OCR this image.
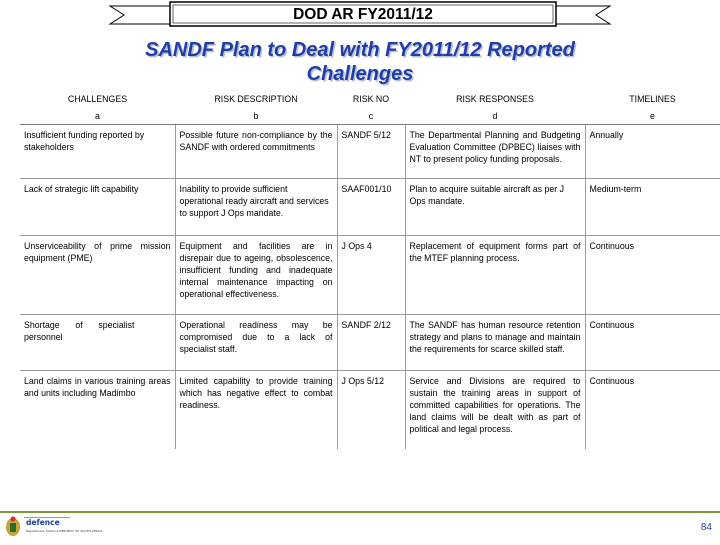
DOD AR FY2011/12
SANDF Plan to Deal with FY2011/12 Reported
Challenges
CHALLENGES	RISK DESCRIPTION	RISK NO	RISK RESPONSES	TIMELINES
a	b	c	d	e
Insufficient funding reported by stakeholders	Possible future non-compliance by the SANDF with ordered commitments	SANDF 5/12	The Departmental Planning and Budgeting Evaluation Committee (DPBEC) liaises with NT to present policy funding proposals.	Annually
Lack of strategic lift capability	Inability to provide sufficient operational ready aircraft and services to support J Ops mandate.	SAAF001/10	Plan to acquire suitable aircraft as per J Ops mandate.	Medium-term
Unserviceability of prime mission equipment (PME)	Equipment and facilities are in disrepair due to ageing, obsolescence, insufficient funding and inadequate internal maintenance impacting on operational effectiveness.	J Ops 4	Replacement of equipment forms part of the MTEF planning process.	Continuous
Shortage of specialist personnel	Operational readiness may be compromised due to a lack of specialist staff.	SANDF 2/12	The SANDF has human resource retention strategy and plans to manage and maintain the requirements for scarce skilled staff.	Continuous
Land claims in various training areas and units including Madimbo	Limited capability to provide training which has negative effect to combat readiness.	J Ops 5/12	Service and Divisions are required to sustain the training areas in support of committed capabilities for operations. The land claims will be dealt with as part of political and legal process.	Continuous
defence
Department: Defence REPUBLIC OF SOUTH AFRICA	84
